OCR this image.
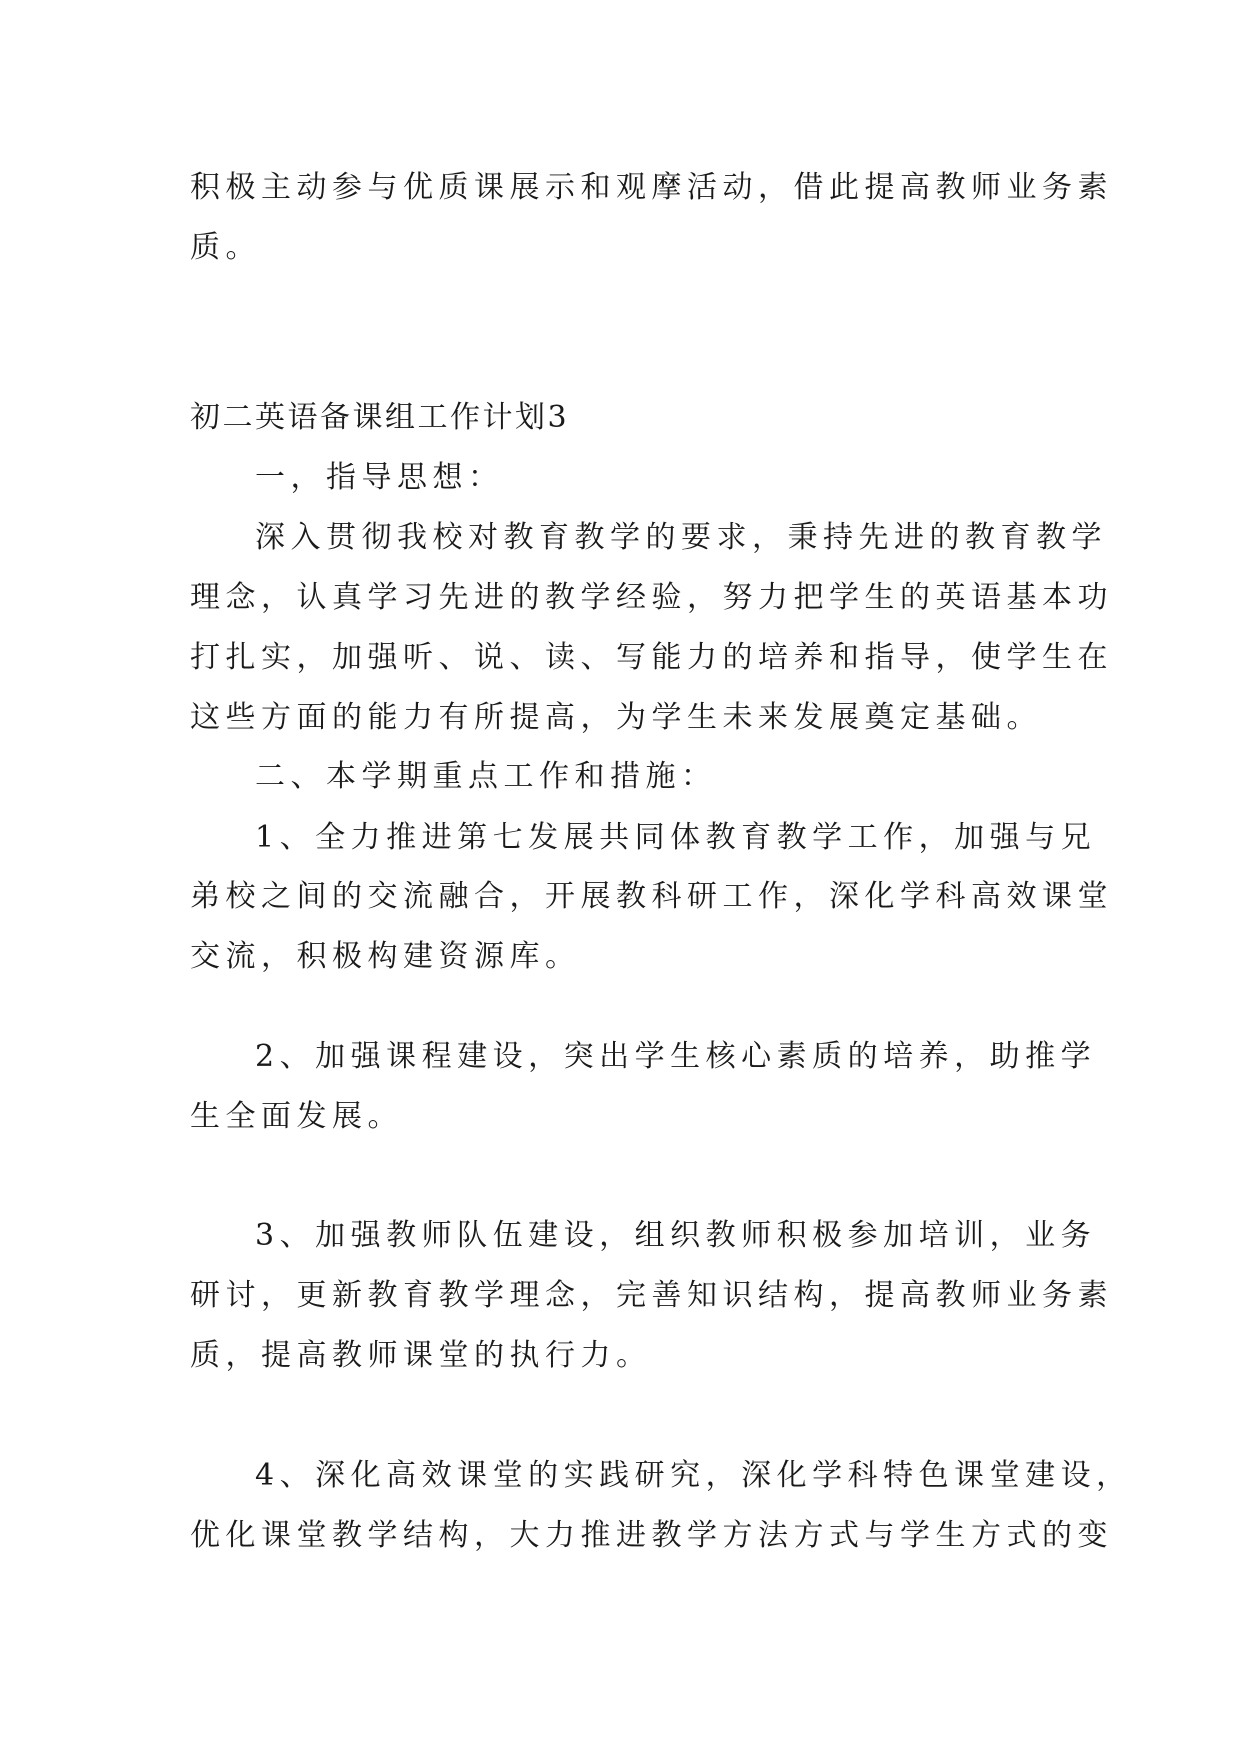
积极主动参与优质课展示和观摩活动，借此提高教师业务素
质。
初二英语备课组工作计划3
一，指导思想：
深入贯彻我校对教育教学的要求，秉持先进的教育教学
理念，认真学习先进的教学经验，努力把学生的英语基本功
打扎实，加强听、说、读、写能力的培养和指导，使学生在
这些方面的能力有所提高，为学生未来发展奠定基础。
二、本学期重点工作和措施：
1、全力推进第七发展共同体教育教学工作，加强与兄
弟校之间的交流融合，开展教科研工作，深化学科高效课堂
交流，积极构建资源库。
2、加强课程建设，突出学生核心素质的培养，助推学
生全面发展。
3、加强教师队伍建设，组织教师积极参加培训，业务
研讨，更新教育教学理念，完善知识结构，提高教师业务素
质，提高教师课堂的执行力。
4、深化高效课堂的实践研究，深化学科特色课堂建设，
优化课堂教学结构，大力推进教学方法方式与学生方式的变
